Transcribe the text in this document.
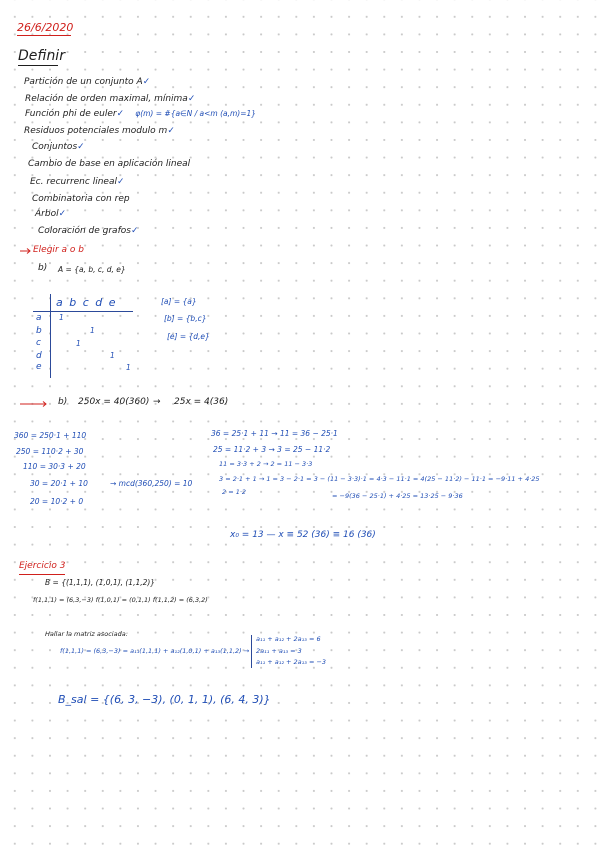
26/6/2020
Definir
Partición de un conjunto A✓
Relación de orden maximal, mínima✓
Función phi de euler✓ φ(m) = #{a∈N / a<m (a,m)=1}
Residuos potenciales modulo m✓
Conjuntos✓
Cambio de base en aplicación lineal
Ec. recurrenc lineal✓
Combinatoria con rep
Árbol✓
Coloración de grafos✓
Elegir a o b
b) A = {a, b, c, d, e}
a b c d e
a
b
c
d
e
1
1
1
1
1
[a] = {a}
[b] = {b,c}
[e] = {d,e}
b) 250x = 40(360) → 25x = 4(36)
360 = 250·1 + 110
250 = 110·2 + 30
110 = 30·3 + 20
30 = 20·1 + 10	→ mcd(360,250) = 10
20 = 10·2 + 0
36 = 25·1 + 11 → 11 = 36 − 25·1
25 = 11·2 + 3 → 3 = 25 − 11·2
11 = 3·3 + 2 → 2 = 11 − 3·3
3 = 2·1 + 1 → 1 = 3 − 2·1 = 3 − (11 − 3·3)·1 = 4·3 − 11·1 = 4(25 − 11·2) − 11·1 = −9·11 + 4·25
2 = 1·2	= −9(36 − 25·1) + 4·25 = 13·25 − 9·36
x₀ = 13 — x ≡ 52 (36) ≡ 16 (36)
Ejercicio 3
B = {(1,1,1), (1,0,1), (1,1,2)}
f(1,1,1) = (6,3,−3) f(1,0,1) = (0,1,1) f(1,1,2) = (6,3,2)
Hallar la matriz asociada:
f(1,1,1) = (6,3,−3) = a₁₁(1,1,1) + a₁₂(1,0,1) + a₁₃(1,1,2) →
a₁₁ + a₁₂ + 2a₁₃ = 6
2a₁₁ + a₁₃ = 3
a₁₁ + a₁₂ + 2a₁₃ = −3
B_sal = {(6, 3, −3), (0, 1, 1), (6, 4, 3)}
